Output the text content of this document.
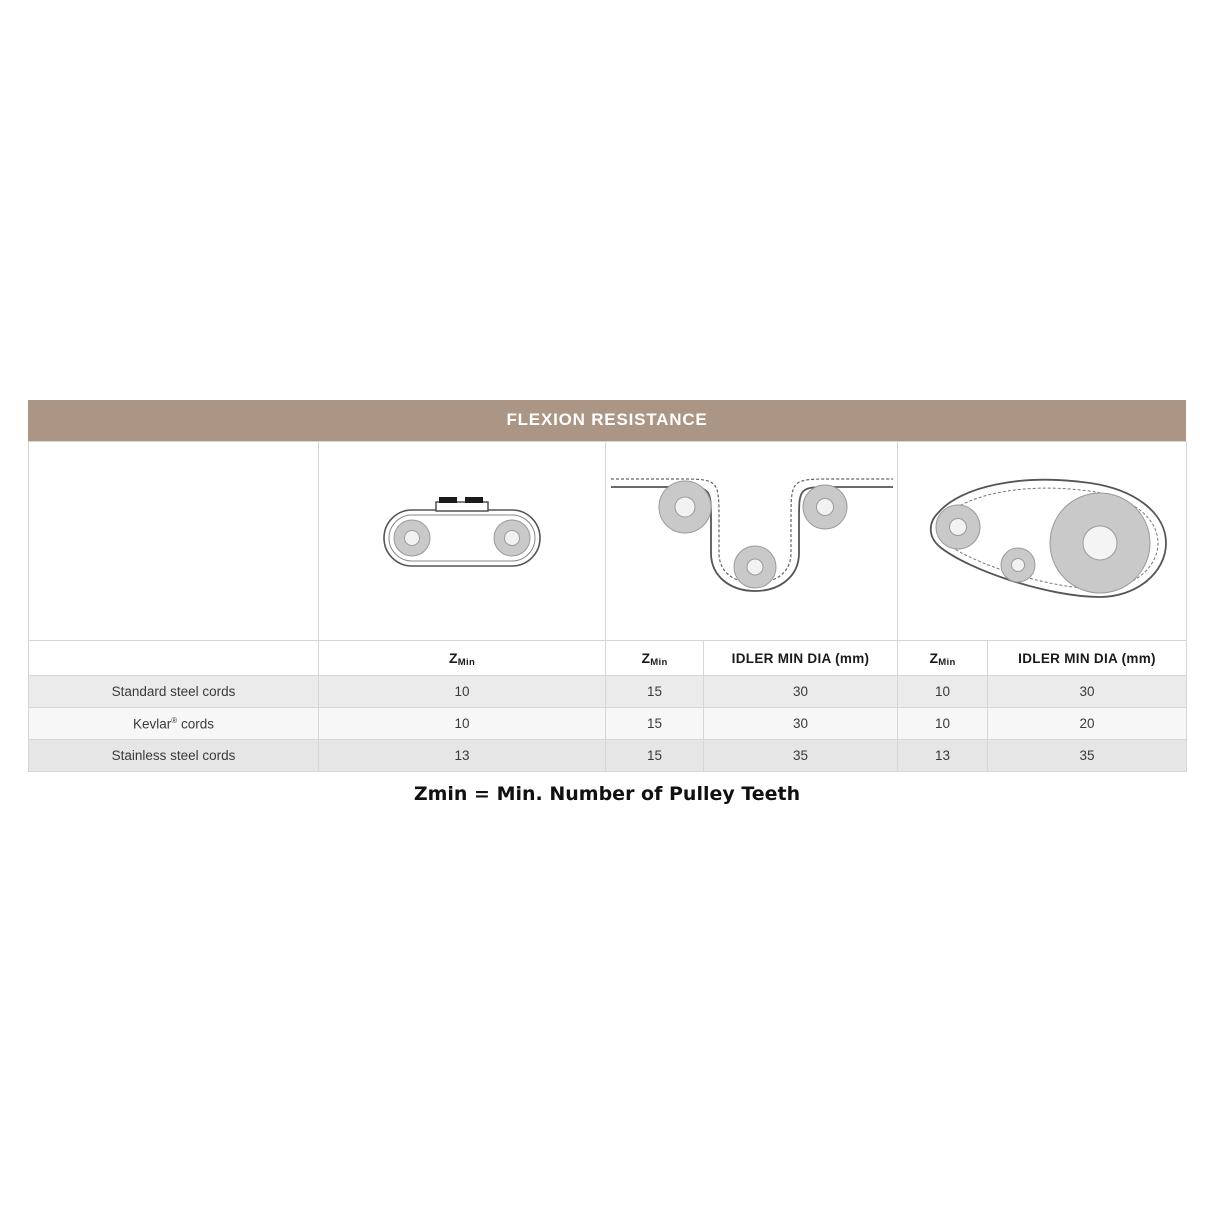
FLEXION RESISTANCE

	$Z_{Min}$	$Z_{Min}$	IDLER MIN DIA (mm)	$Z_{Min}$	IDLER MIN DIA (mm)
Standard steel cords	10	15	30	10	30
Kevlar® cords	10	15	30	10	20
Stainless steel cords	13	15	35	13	35
Zmin = Min. Number of Pulley Teeth
